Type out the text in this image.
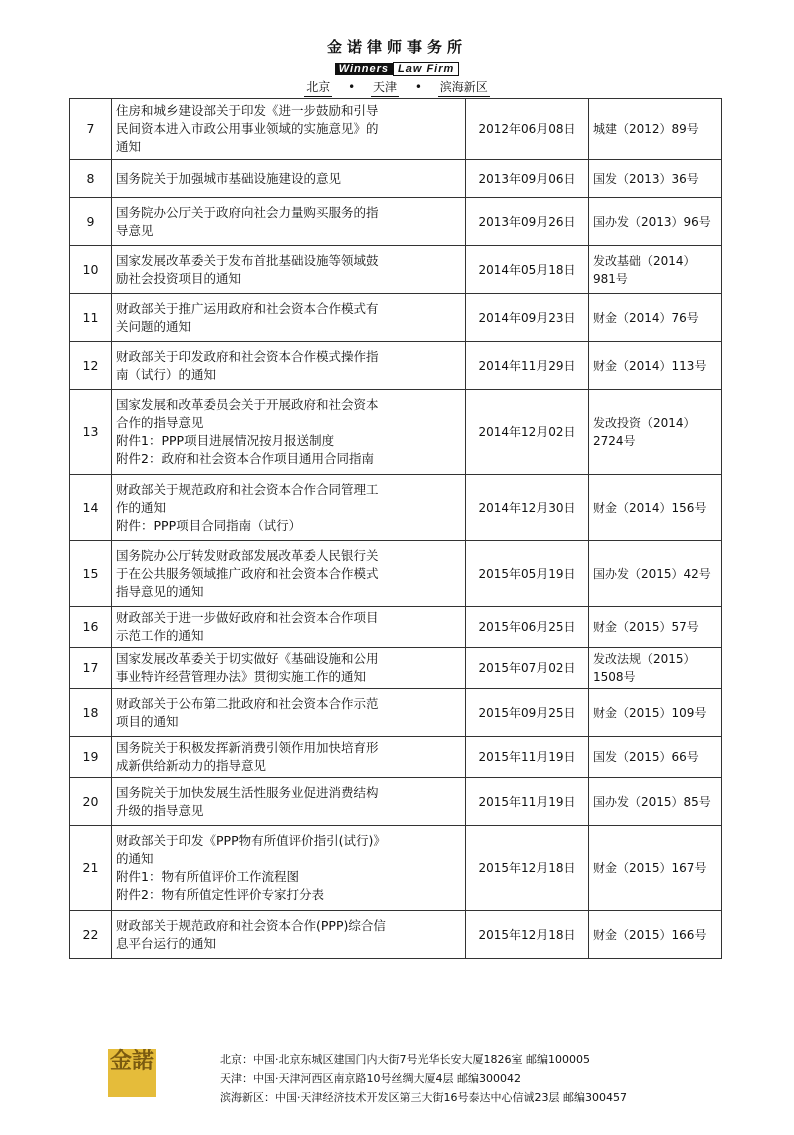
金诺律师事务所
Winners Law Firm
北京 • 天津 • 滨海新区
7	住房和城乡建设部关于印发《进一步鼓励和引导
民间资本进入市政公用事业领域的实施意见》的
通知	2012年06月08日	城建（2012）89号
8	国务院关于加强城市基础设施建设的意见	2013年09月06日	国发（2013）36号
9	国务院办公厅关于政府向社会力量购买服务的指
导意见	2013年09月26日	国办发（2013）96号
10	国家发展改革委关于发布首批基础设施等领域鼓
励社会投资项目的通知	2014年05月18日	发改基础（2014）981号
11	财政部关于推广运用政府和社会资本合作模式有
关问题的通知	2014年09月23日	财金（2014）76号
12	财政部关于印发政府和社会资本合作模式操作指
南（试行）的通知	2014年11月29日	财金（2014）113号
13	国家发展和改革委员会关于开展政府和社会资本
合作的指导意见
附件1：PPP项目进展情况按月报送制度
附件2：政府和社会资本合作项目通用合同指南	2014年12月02日	发改投资（2014）2724号
14	财政部关于规范政府和社会资本合作合同管理工
作的通知
附件：PPP项目合同指南（试行）	2014年12月30日	财金（2014）156号
15	国务院办公厅转发财政部发展改革委人民银行关
于在公共服务领域推广政府和社会资本合作模式
指导意见的通知	2015年05月19日	国办发（2015）42号
16	财政部关于进一步做好政府和社会资本合作项目
示范工作的通知	2015年06月25日	财金（2015）57号
17	国家发展改革委关于切实做好《基础设施和公用
事业特许经营管理办法》贯彻实施工作的通知	2015年07月02日	发改法规（2015）1508号
18	财政部关于公布第二批政府和社会资本合作示范
项目的通知	2015年09月25日	财金（2015）109号
19	国务院关于积极发挥新消费引领作用加快培育形
成新供给新动力的指导意见	2015年11月19日	国发（2015）66号
20	国务院关于加快发展生活性服务业促进消费结构
升级的指导意见	2015年11月19日	国办发（2015）85号
21	财政部关于印发《PPP物有所值评价指引(试行)》
的通知
附件1：物有所值评价工作流程图
附件2：物有所值定性评价专家打分表	2015年12月18日	财金（2015）167号
22	财政部关于规范政府和社会资本合作(PPP)综合信
息平台运行的通知	2015年12月18日	财金（2015）166号
金諾	北京：中国·北京东城区建国门内大街7号光华长安大厦1826室 邮编100005
天津：中国·天津河西区南京路10号丝绸大厦4层 邮编300042
滨海新区：中国·天津经济技术开发区第三大街16号泰达中心信诚23层 邮编300457
